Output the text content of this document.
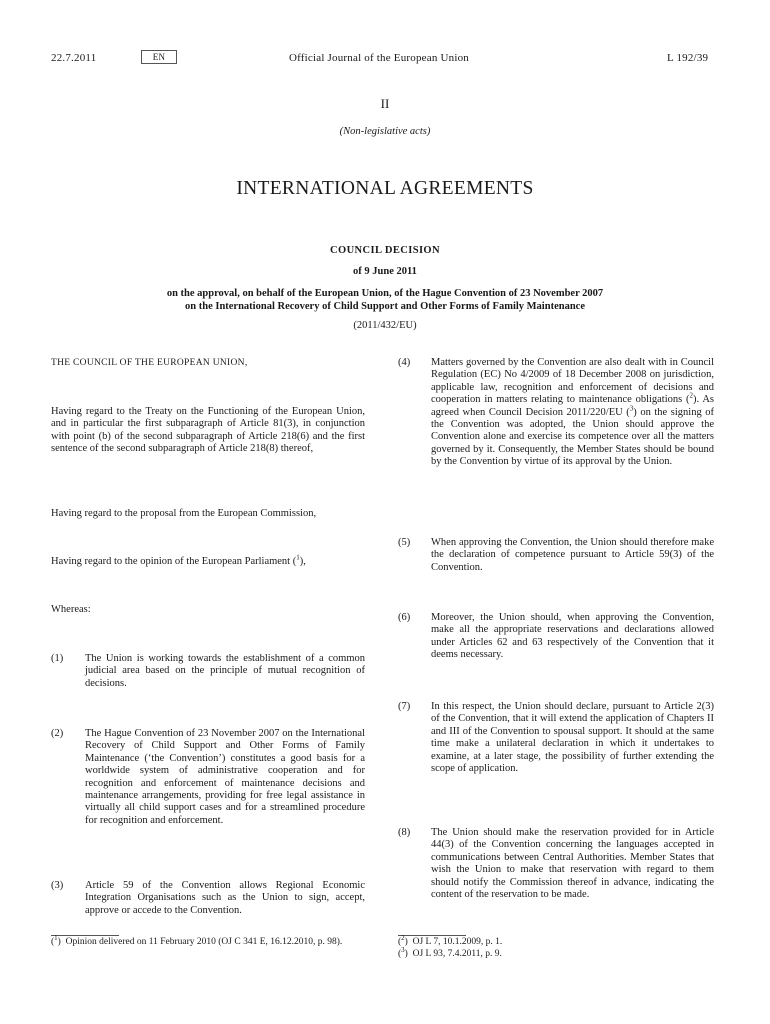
22.7.2011	EN	Official Journal of the European Union	L 192/39
II
(Non-legislative acts)
INTERNATIONAL AGREEMENTS
COUNCIL DECISION
of 9 June 2011
on the approval, on behalf of the European Union, of the Hague Convention of 23 November 2007
on the International Recovery of Child Support and Other Forms of Family Maintenance
(2011/432/EU)
THE COUNCIL OF THE EUROPEAN UNION,
Having regard to the Treaty on the Functioning of the European Union, and in particular the first subparagraph of Article 81(3), in conjunction with point (b) of the second subparagraph of Article 218(6) and the first sentence of the second subparagraph of Article 218(8) thereof,
Having regard to the proposal from the European Commission,
Having regard to the opinion of the European Parliament ($^1$),
Whereas:
(1) The Union is working towards the establishment of a common judicial area based on the principle of mutual recognition of decisions.
(2) The Hague Convention of 23 November 2007 on the International Recovery of Child Support and Other Forms of Family Maintenance (‘the Convention’) constitutes a good basis for a worldwide system of administrative cooperation and for recognition and enforcement of maintenance decisions and maintenance arrangements, providing for free legal assistance in virtually all child support cases and for a streamlined procedure for recognition and enforcement.
(3) Article 59 of the Convention allows Regional Economic Integration Organisations such as the Union to sign, accept, approve or accede to the Convention.
(4) Matters governed by the Convention are also dealt with in Council Regulation (EC) No 4/2009 of 18 December 2008 on jurisdiction, applicable law, recognition and enforcement of decisions and cooperation in matters relating to maintenance obligations ($^2$). As agreed when Council Decision 2011/220/EU ($^3$) on the signing of the Convention was adopted, the Union should approve the Convention alone and exercise its competence over all the matters governed by it. Consequently, the Member States should be bound by the Convention by virtue of its approval by the Union.
(5) When approving the Convention, the Union should therefore make the declaration of competence pursuant to Article 59(3) of the Convention.
(6) Moreover, the Union should, when approving the Convention, make all the appropriate reservations and declarations allowed under Articles 62 and 63 respectively of the Convention that it deems necessary.
(7) In this respect, the Union should declare, pursuant to Article 2(3) of the Convention, that it will extend the application of Chapters II and III of the Convention to spousal support. It should at the same time make a unilateral declaration in which it undertakes to examine, at a later stage, the possibility of further extending the scope of application.
(8) The Union should make the reservation provided for in Article 44(3) of the Convention concerning the languages accepted in communications between Central Authorities. Member States that wish the Union to make that reservation with regard to them should notify the Commission thereof in advance, indicating the content of the reservation to be made.
($^1$)  Opinion delivered on 11 February 2010 (OJ C 341 E, 16.12.2010, p. 98).	($^2$)  OJ L 7, 10.1.2009, p. 1.
($^3$)  OJ L 93, 7.4.2011, p. 9.
